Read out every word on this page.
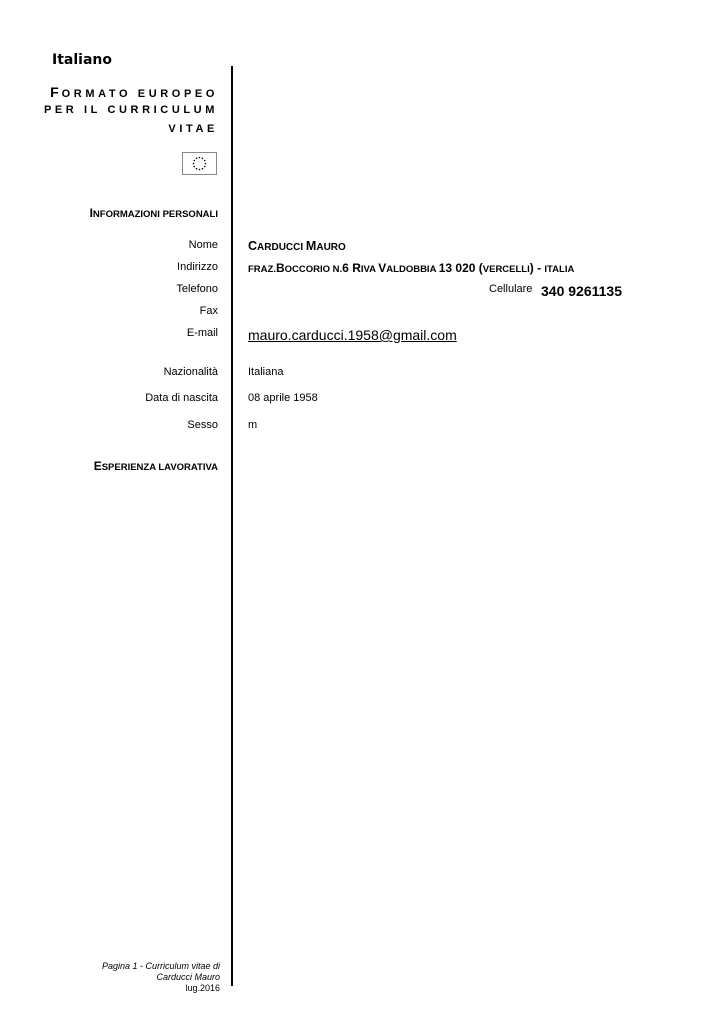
Italiano
FORMATO EUROPEO
PER IL CURRICULUM
VITAE
INFORMAZIONI PERSONALI
Nome
Indirizzo
Telefono
Fax
E-mail
Nazionalità
Data di nascita
Sesso
CARDUCCI MAURO
FRAZ.BOCCORIO N.6 RIVA VALDOBBIA 13 020 (VERCELLI) - ITALIA
Cellulare 340 9261135
mauro.carducci.1958@gmail.com
Italiana
08 aprile 1958
m
ESPERIENZA LAVORATIVA
Pagina 1 - Curriculum vitae di
Carducci Mauro
lug.2016
